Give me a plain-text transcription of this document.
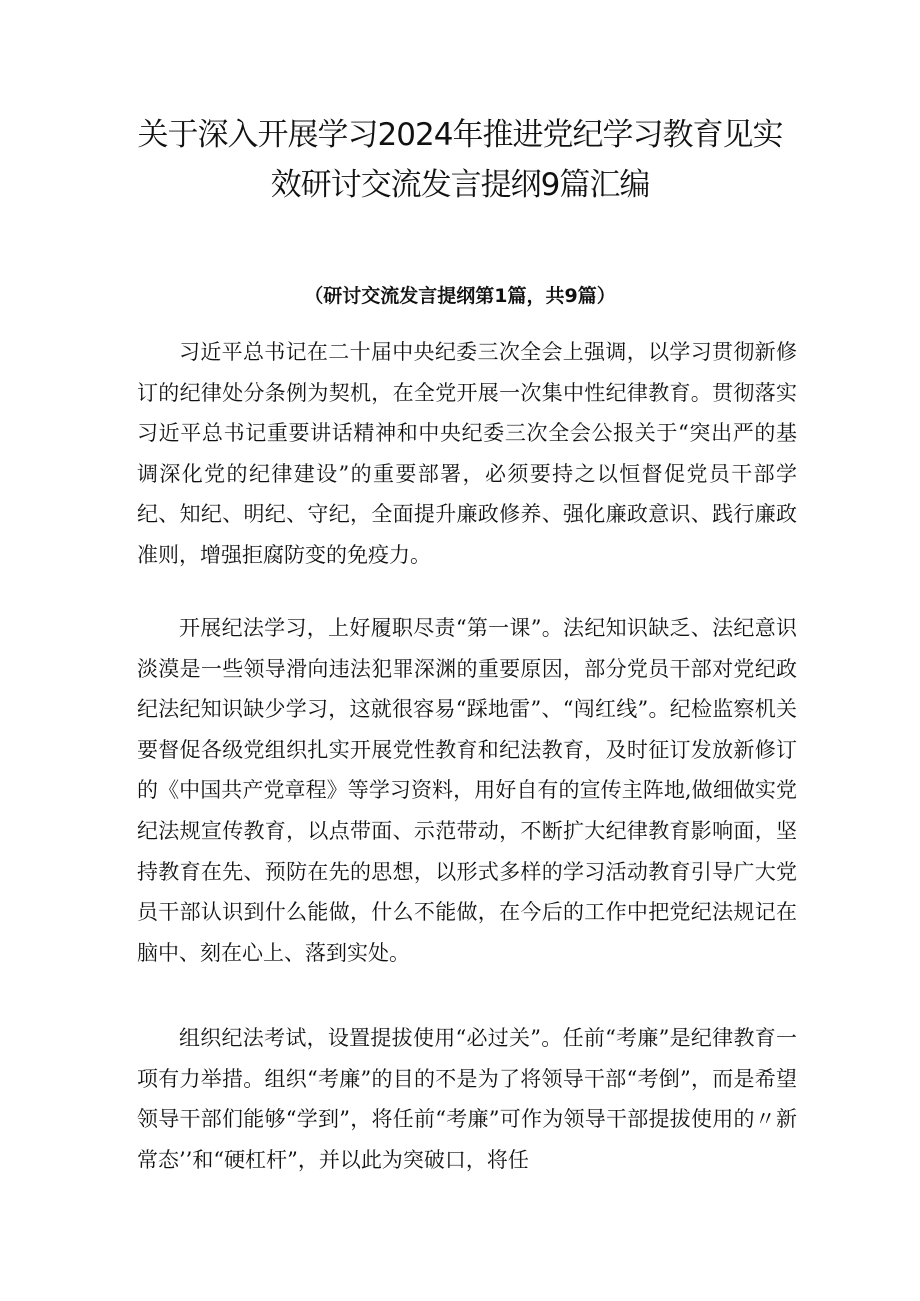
关于深入开展学习2024年推进党纪学习教育见实
效研讨交流发言提纲9篇汇编
（研讨交流发言提纲第1篇，共9篇）

习近平总书记在二十届中央纪委三次全会上强调，以学习贯彻新修订的纪律处分条例为契机，在全党开展一次集中性纪律教育。贯彻落实习近平总书记重要讲话精神和中央纪委三次全会公报关于“突出严的基调深化党的纪律建设”的重要部署，必须要持之以恒督促党员干部学纪、知纪、明纪、守纪，全面提升廉政修养、强化廉政意识、践行廉政准则，增强拒腐防变的免疫力。

开展纪法学习，上好履职尽责“第一课”。法纪知识缺乏、法纪意识淡漠是一些领导滑向违法犯罪深渊的重要原因，部分党员干部对党纪政纪法纪知识缺少学习，这就很容易“踩地雷”、“闯红线”。纪检监察机关要督促各级党组织扎实开展党性教育和纪法教育，及时征订发放新修订的《中国共产党章程》等学习资料，用好自有的宣传主阵地,做细做实党纪法规宣传教育，以点带面、示范带动，不断扩大纪律教育影响面，坚持教育在先、预防在先的思想，以形式多样的学习活动教育引导广大党员干部认识到什么能做，什么不能做，在今后的工作中把党纪法规记在脑中、刻在心上、落到实处。

组织纪法考试，设置提拔使用“必过关”。任前“考廉”是纪律教育一项有力举措。组织“考廉”的目的不是为了将领导干部“考倒”，而是希望领导干部们能够“学到”，将任前“考廉”可作为领导干部提拔使用的〃新常态’’和“硬杠杆”，并以此为突破口，将任
